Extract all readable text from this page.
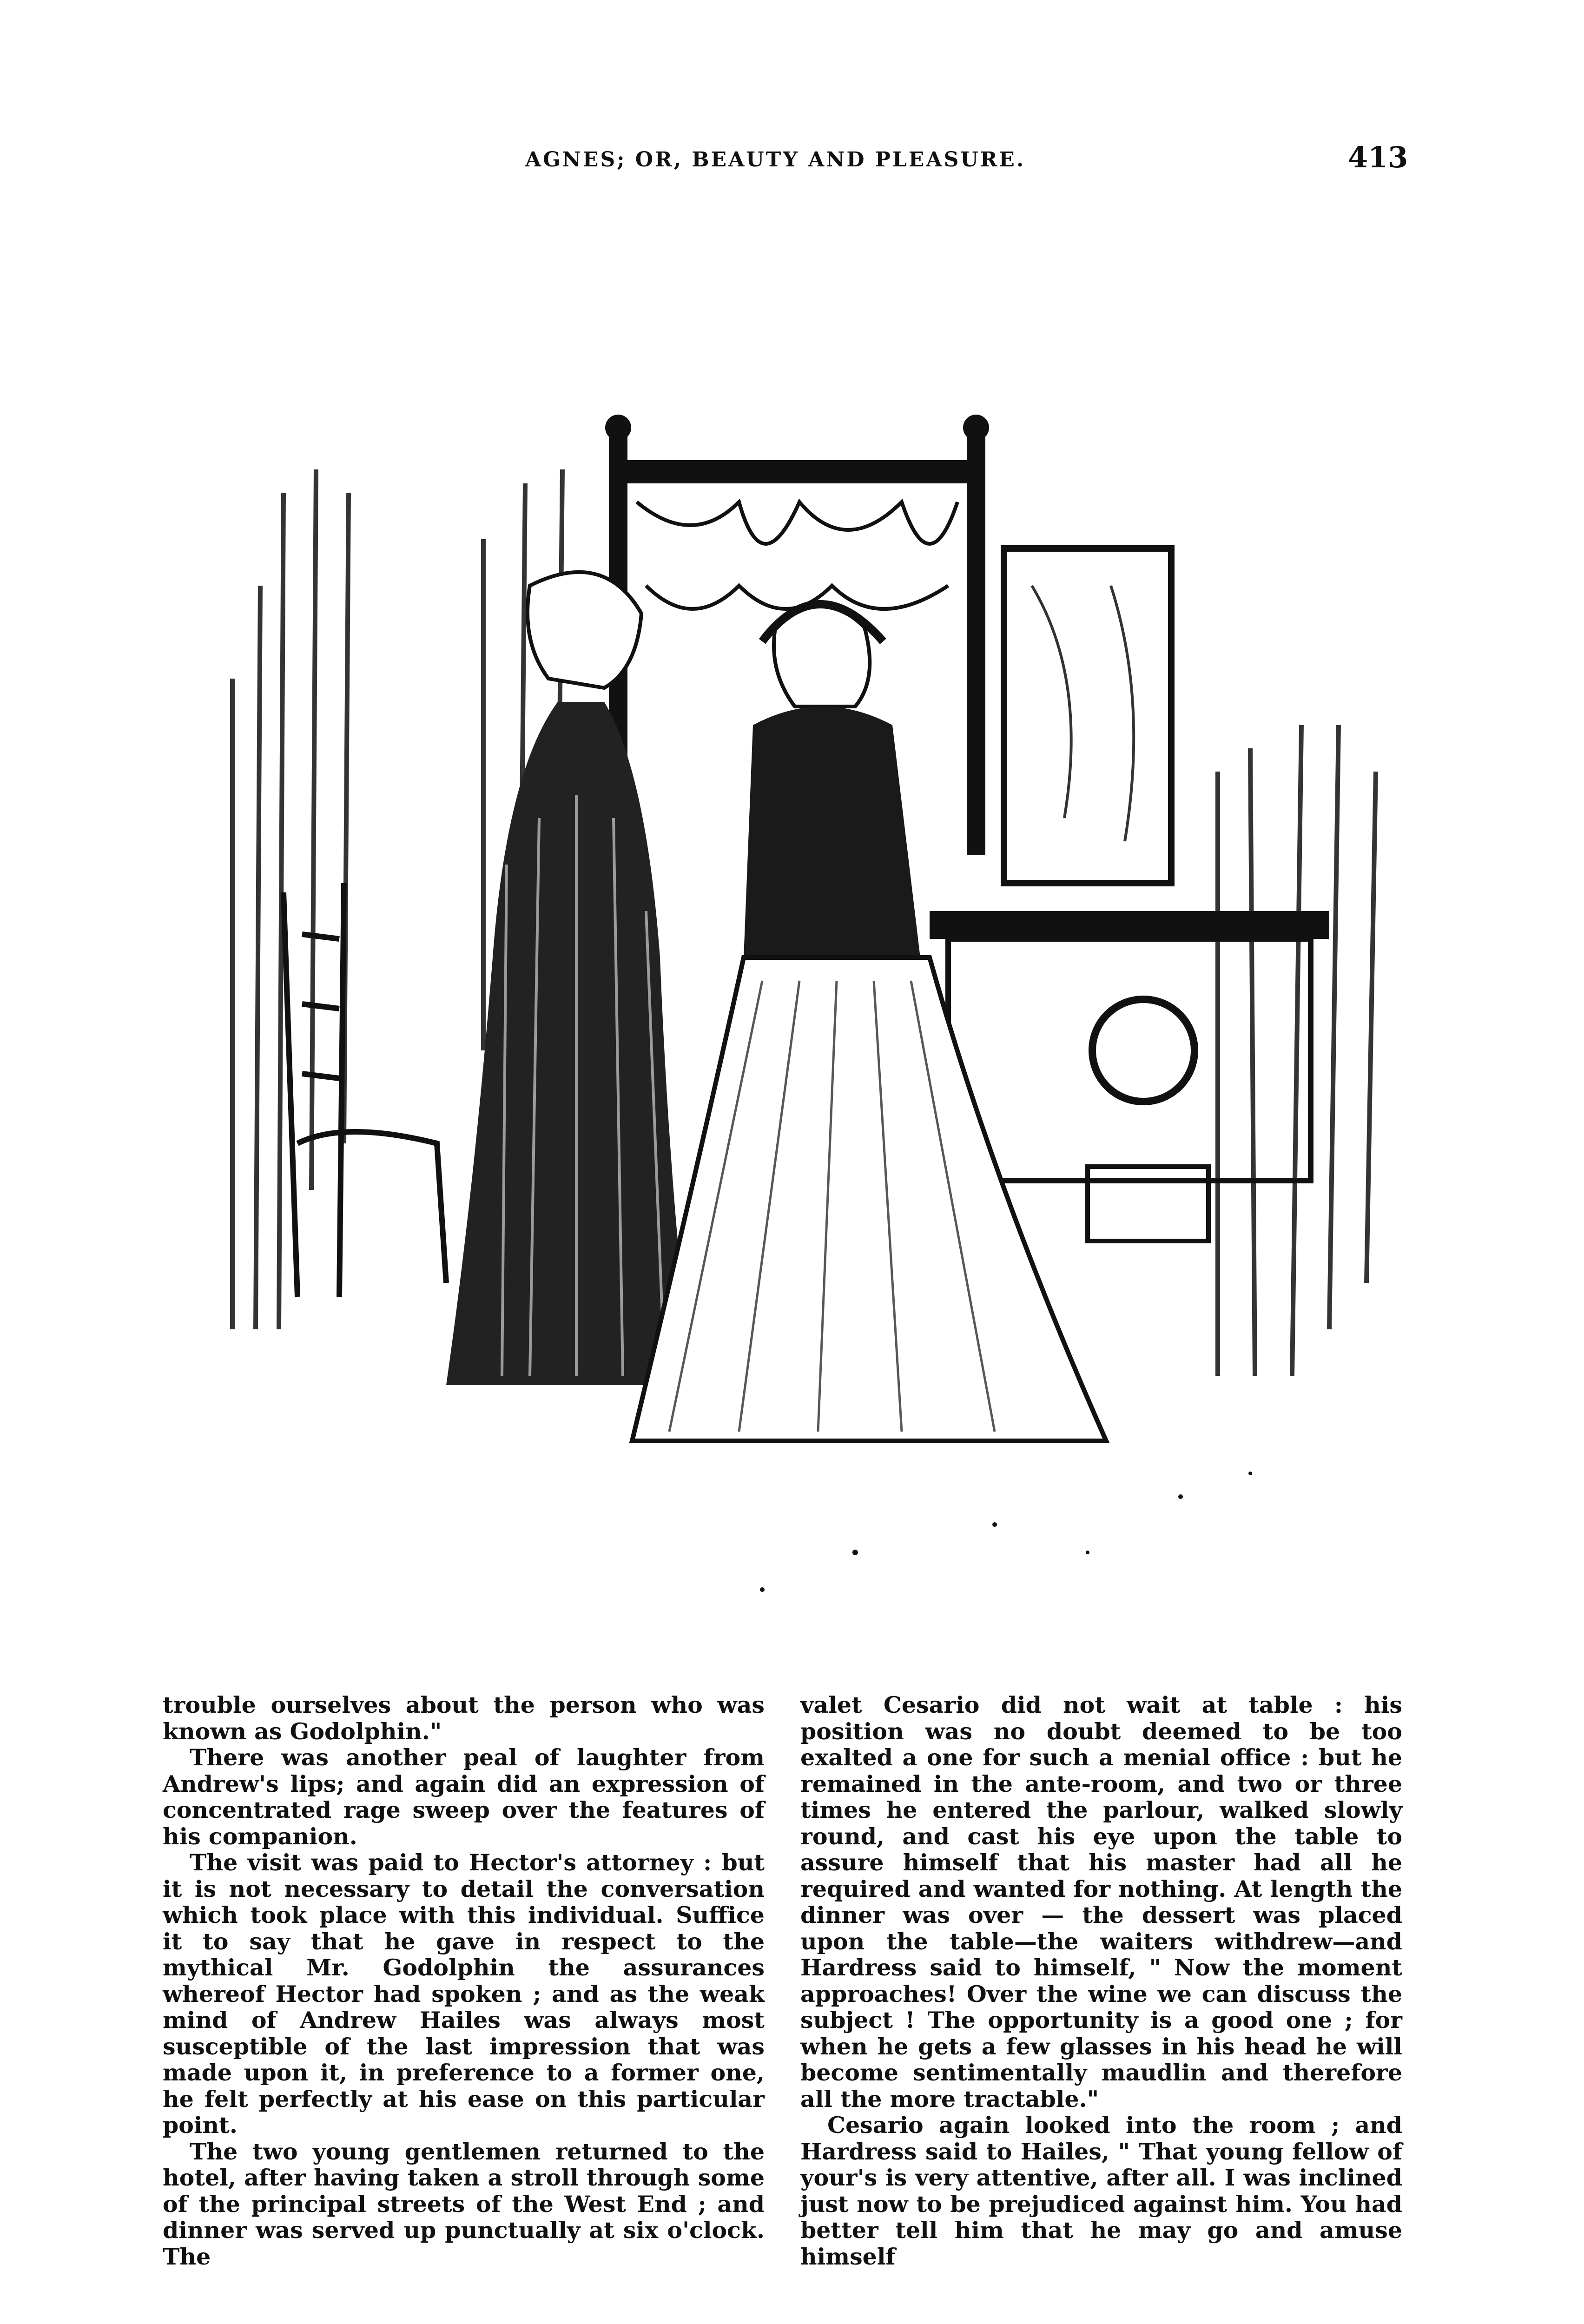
AGNES; OR, BEAUTY AND PLEASURE.	413

trouble ourselves about the person who was known as Godolphin."

There was another peal of laughter from Andrew's lips; and again did an expression of concentrated rage sweep over the features of his companion.

The visit was paid to Hector's attorney : but it is not necessary to detail the conversation which took place with this individual. Suffice it to say that he gave in respect to the mythical Mr. Godolphin the assurances whereof Hector had spoken ; and as the weak mind of Andrew Hailes was always most susceptible of the last impression that was made upon it, in preference to a former one, he felt perfectly at his ease on this particular point.

The two young gentlemen returned to the hotel, after having taken a stroll through some of the principal streets of the West End ; and dinner was served up punctually at six o'clock. The

valet Cesario did not wait at table : his position was no doubt deemed to be too exalted a one for such a menial office : but he remained in the ante-room, and two or three times he entered the parlour, walked slowly round, and cast his eye upon the table to assure himself that his master had all he required and wanted for nothing. At length the dinner was over — the dessert was placed upon the table—the waiters withdrew—and Hardress said to himself, " Now the moment approaches! Over the wine we can discuss the subject ! The opportunity is a good one ; for when he gets a few glasses in his head he will become sentimentally maudlin and therefore all the more tractable."

Cesario again looked into the room ; and Hardress said to Hailes, " That young fellow of your's is very attentive, after all. I was inclined just now to be prejudiced against him. You had better tell him that he may go and amuse himself
